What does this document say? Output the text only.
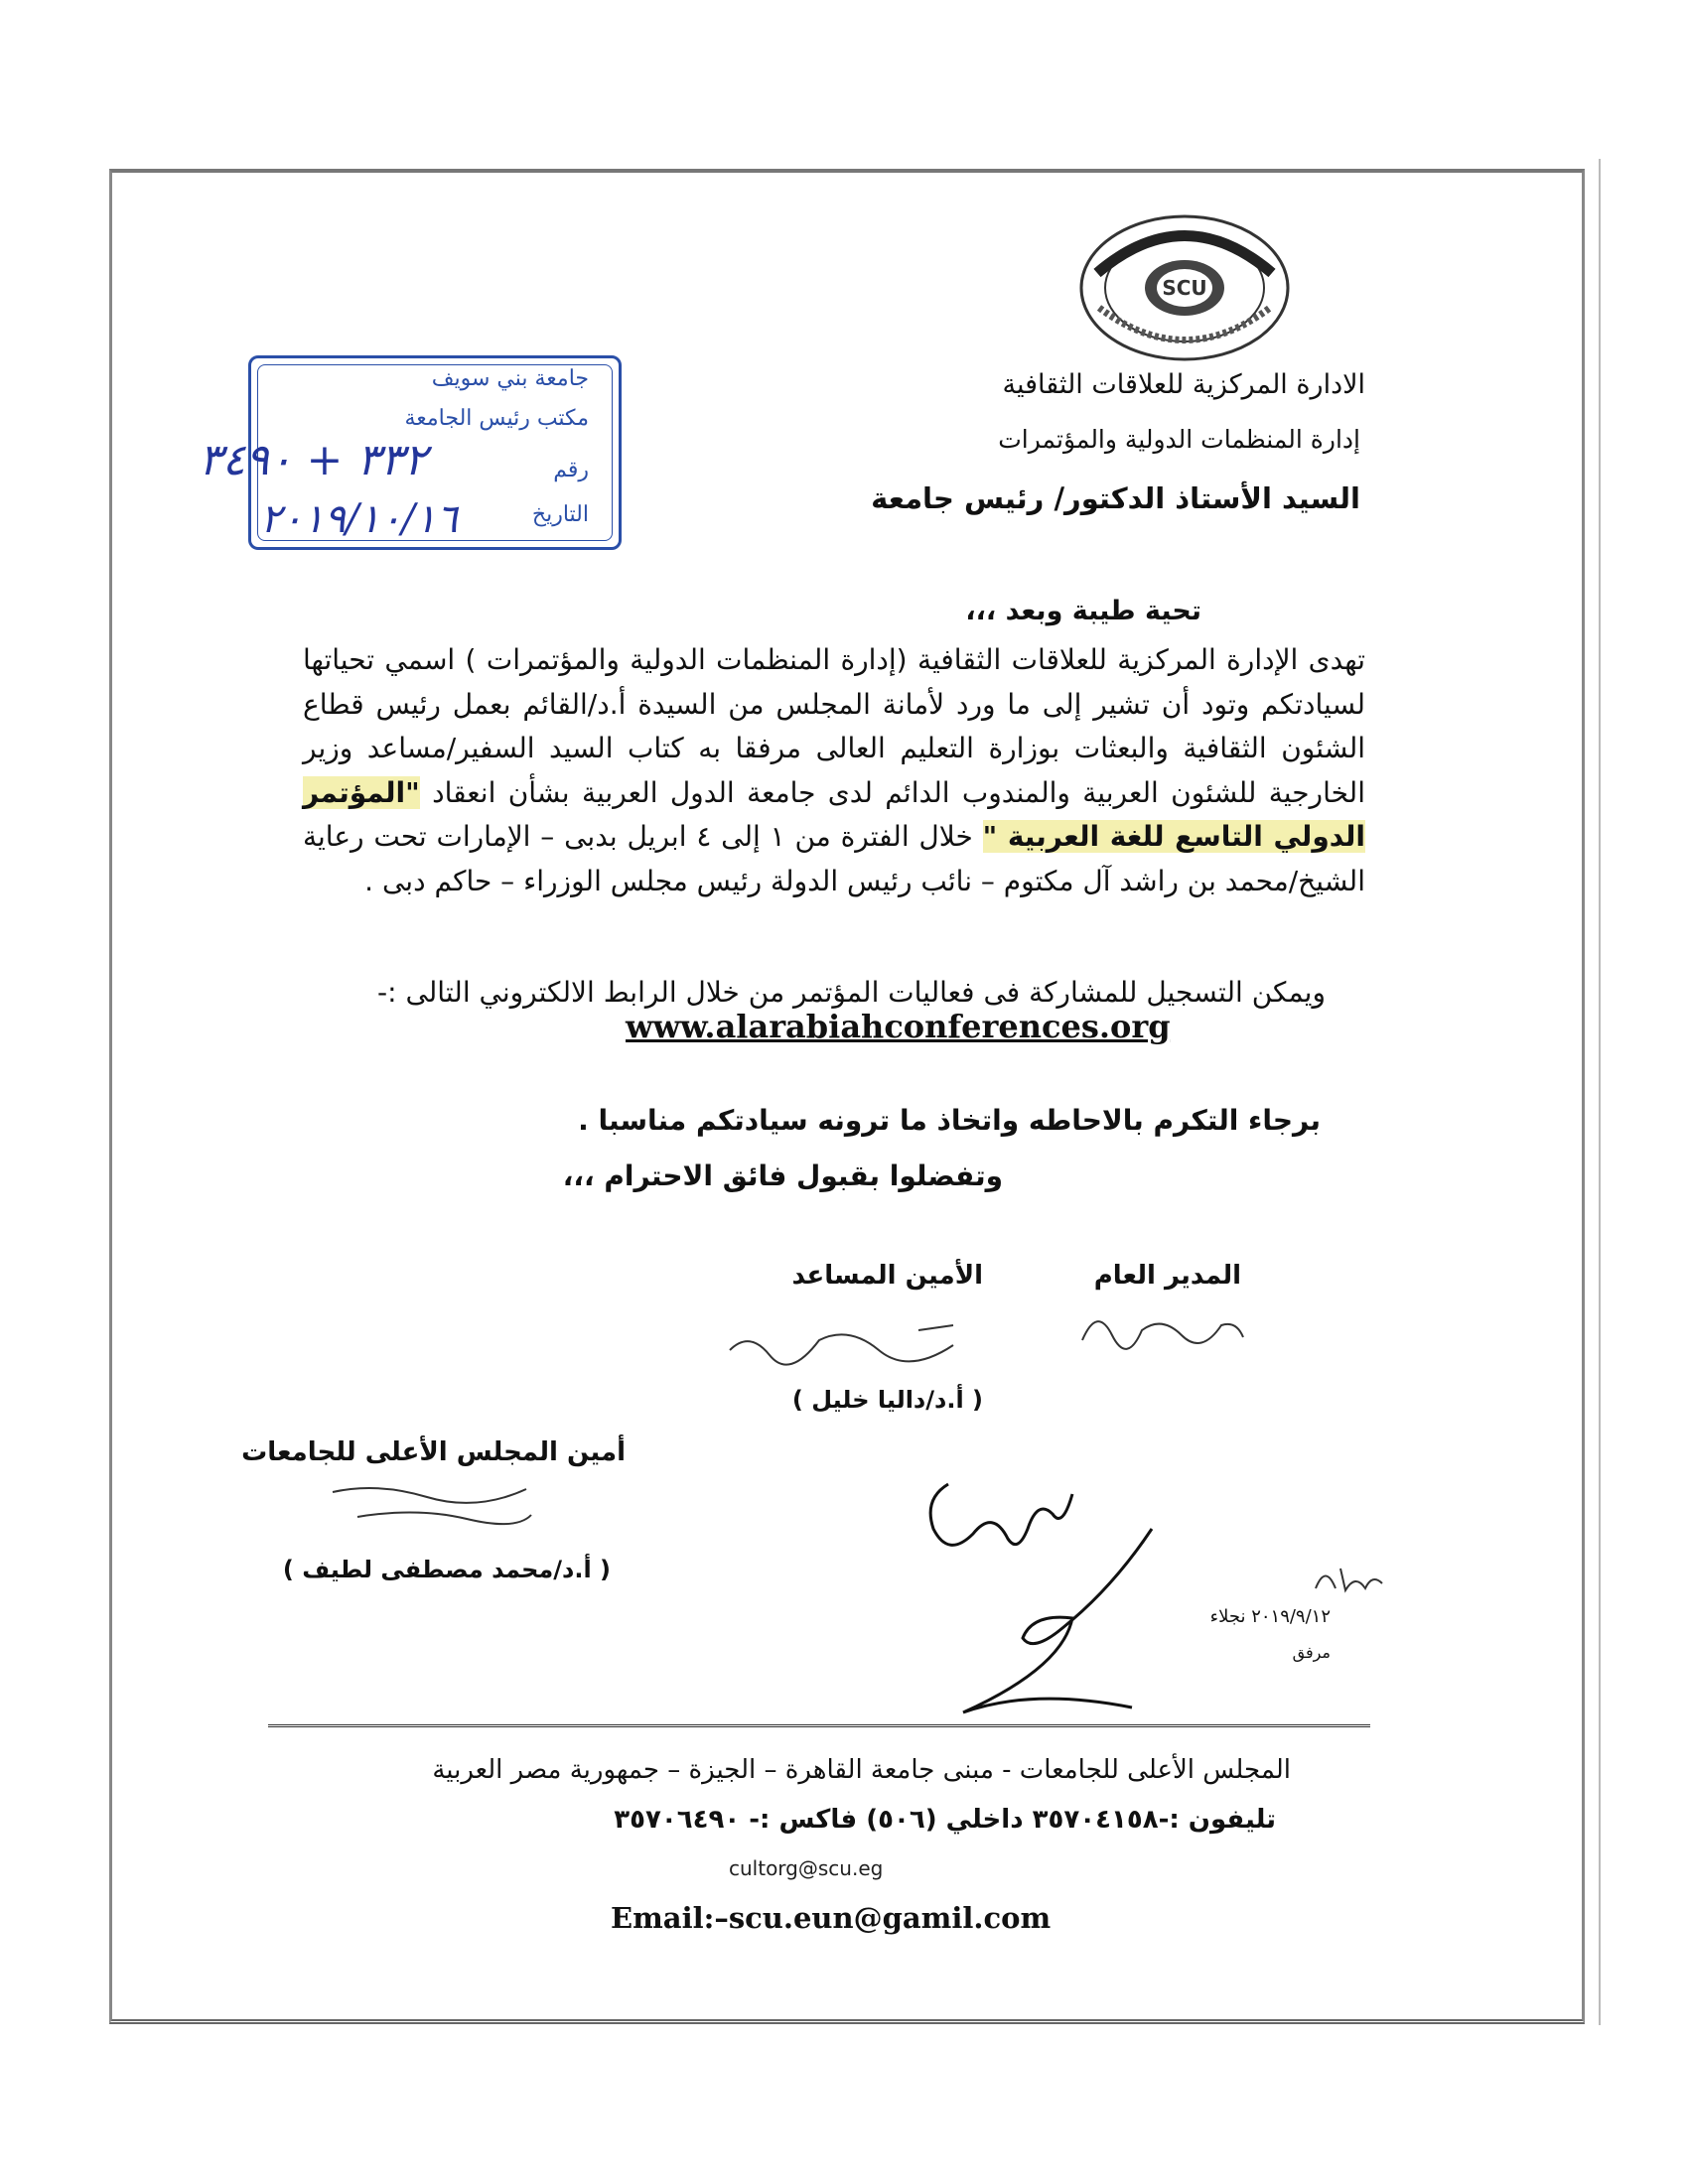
SCU
الادارة المركزية للعلاقات الثقافية
إدارة المنظمات الدولية والمؤتمرات
السيد الأستاذ الدكتور/ رئيس جامعة
جامعة بني سويف
مكتب رئيس الجامعة
رقم
التاريخ
٣٣٢ + ٣٤٩٠
٢٠١٩/١٠/١٦
تحية طيبة وبعد ،،،
تهدى الإدارة المركزية للعلاقات الثقافية (إدارة المنظمات الدولية والمؤتمرات ) اسمي تحياتها لسيادتكم وتود أن تشير إلى ما ورد لأمانة المجلس من السيدة أ.د/القائم بعمل رئيس قطاع الشئون الثقافية والبعثات بوزارة التعليم العالى مرفقا به كتاب السيد السفير/مساعد وزير الخارجية للشئون العربية والمندوب الدائم لدى جامعة الدول العربية بشأن انعقاد "المؤتمر الدولي التاسع للغة العربية " خلال الفترة من ١ إلى ٤ ابريل بدبى – الإمارات تحت رعاية الشيخ/محمد بن راشد آل مكتوم – نائب رئيس الدولة رئيس مجلس الوزراء – حاكم دبى .
ويمكن التسجيل للمشاركة فى فعاليات المؤتمر من خلال الرابط الالكتروني التالى :-
www.alarabiahconferences.org
برجاء التكرم بالاحاطه واتخاذ ما ترونه سيادتكم مناسبا .
وتفضلوا بقبول فائق الاحترام ،،،
المدير العام
الأمين المساعد
( أ.د/داليا خليل )
أمين المجلس الأعلى للجامعات
( أ.د/محمد مصطفى لطيف )
٢٠١٩/٩/١٢ نجلاء
مرفق
المجلس الأعلى للجامعات - مبنى جامعة القاهرة – الجيزة – جمهورية مصر العربية
تليفون :-٣٥٧٠٤١٥٨ داخلي (٥٠٦) فاكس :- ٣٥٧٠٦٤٩٠
cultorg@scu.eg
Email:–scu.eun@gamil.com
